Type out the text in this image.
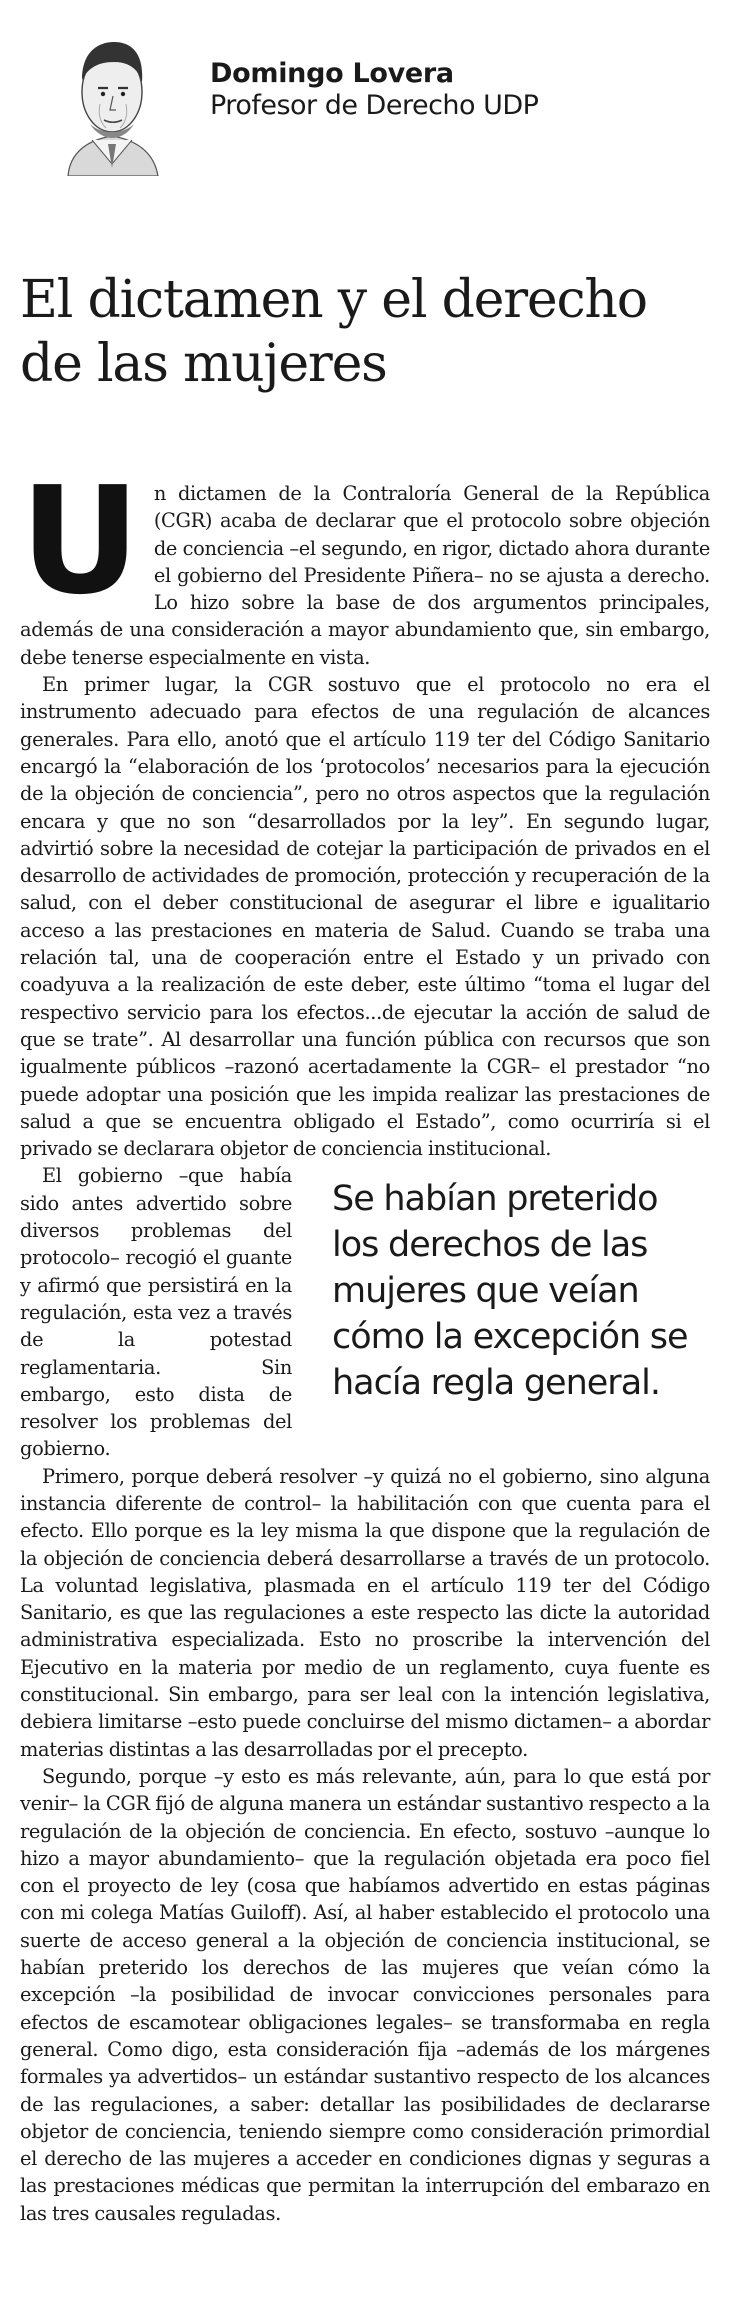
Domingo Lovera
Profesor de Derecho UDP
El dictamen y el derecho
de las mujeres

Un dictamen de la Contraloría General de la República (CGR) acaba de declarar que el protocolo sobre objeción de conciencia –el segundo, en rigor, dictado ahora durante el gobierno del Presidente Piñera– no se ajusta a derecho. Lo hizo sobre la base de dos argumentos principales, además de una consideración a mayor abundamiento que, sin embargo, debe tenerse especialmente en vista.

En primer lugar, la CGR sostuvo que el protocolo no era el instrumento adecuado para efectos de una regulación de alcances generales. Para ello, anotó que el artículo 119 ter del Código Sanitario encargó la “elaboración de los ‘protocolos’ necesarios para la ejecución de la objeción de conciencia”, pero no otros aspectos que la regulación encara y que no son “desarrollados por la ley”. En segundo lugar, advirtió sobre la necesidad de cotejar la participación de privados en el desarrollo de actividades de promoción, protección y recuperación de la salud, con el deber constitucional de asegurar el libre e igualitario acceso a las prestaciones en materia de Salud. Cuando se traba una relación tal, una de cooperación entre el Estado y un privado con coadyuva a la realización de este deber, este último “toma el lugar del respectivo servicio para los efectos...de ejecutar la acción de salud de que se trate”. Al desarrollar una función pública con recursos que son igualmente públicos –razonó acertadamente la CGR– el prestador “no puede adoptar una posición que les impida realizar las prestaciones de salud a que se encuentra obligado el Estado”, como ocurriría si el privado se declarara objetor de conciencia institucional.

Se habían preterido
los derechos de las
mujeres que veían
cómo la excepción se
hacía regla general.
El gobierno –que había sido antes advertido sobre diversos problemas del protocolo– recogió el guante y afirmó que persistirá en la regulación, esta vez a través de la potestad reglamentaria. Sin embargo, esto dista de resolver los problemas del gobierno.

Primero, porque deberá resolver –y quizá no el gobierno, sino alguna instancia diferente de control– la habilitación con que cuenta para el efecto. Ello porque es la ley misma la que dispone que la regulación de la objeción de conciencia deberá desarrollarse a través de un protocolo. La voluntad legislativa, plasmada en el artículo 119 ter del Código Sanitario, es que las regulaciones a este respecto las dicte la autoridad administrativa especializada. Esto no proscribe la intervención del Ejecutivo en la materia por medio de un reglamento, cuya fuente es constitucional. Sin embargo, para ser leal con la intención legislativa, debiera limitarse –esto puede concluirse del mismo dictamen– a abordar materias distintas a las desarrolladas por el precepto.

Segundo, porque –y esto es más relevante, aún, para lo que está por venir– la CGR fijó de alguna manera un estándar sustantivo respecto a la regulación de la objeción de conciencia. En efecto, sostuvo –aunque lo hizo a mayor abundamiento– que la regulación objetada era poco fiel con el proyecto de ley (cosa que habíamos advertido en estas páginas con mi colega Matías Guiloff). Así, al haber establecido el protocolo una suerte de acceso general a la objeción de conciencia institucional, se habían preterido los derechos de las mujeres que veían cómo la excepción –la posibilidad de invocar convicciones personales para efectos de escamotear obligaciones legales– se transformaba en regla general. Como digo, esta consideración fija –además de los márgenes formales ya advertidos– un estándar sustantivo respecto de los alcances de las regulaciones, a saber: detallar las posibilidades de declararse objetor de conciencia, teniendo siempre como consideración primordial el derecho de las mujeres a acceder en condiciones dignas y seguras a las prestaciones médicas que permitan la interrupción del embarazo en las tres causales reguladas.
